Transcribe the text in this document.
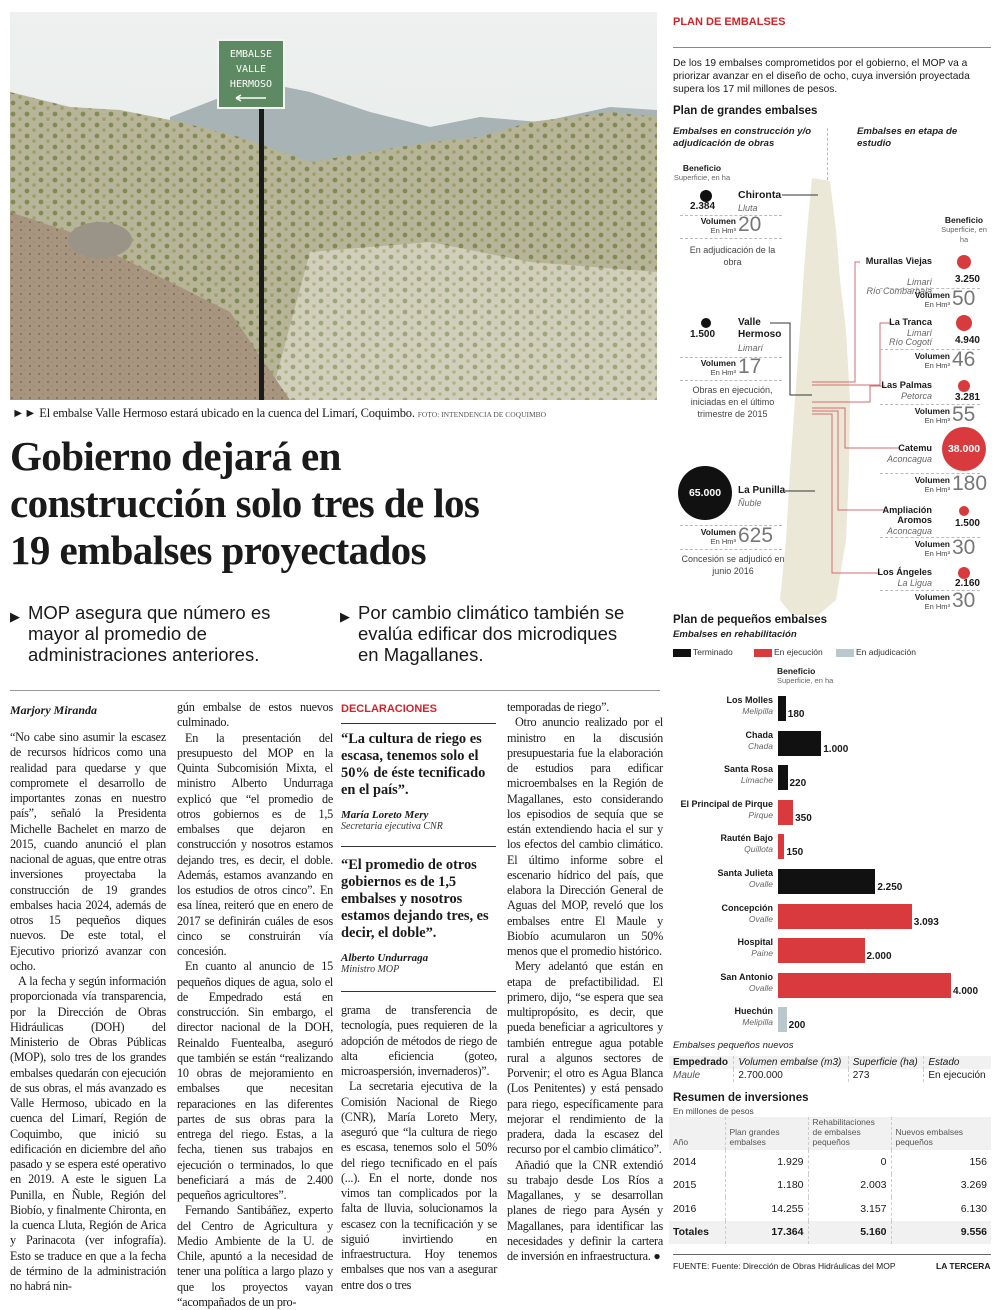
EMBALSE
VALLE
HERMOSO
►► El embalse Valle Hermoso estará ubicado en la cuenca del Limarí, Coquimbo. FOTO: INTENDENCIA DE COQUIMBO
Gobierno dejará en
construcción solo tres de los
19 embalses proyectados
▶ MOP asegura que número es mayor al promedio de administraciones anteriores.
▶ Por cambio climático también se evalúa edificar dos microdiques en Magallanes.
Marjory Miranda

“No cabe sino asumir la escasez de recursos hídricos como una realidad para quedarse y que compromete el desarrollo de importantes zonas en nuestro país”, señaló la Presidenta Michelle Bachelet en marzo de 2015, cuando anunció el plan nacional de aguas, que entre otras inversiones proyectaba la construcción de 19 grandes embalses hacia 2024, además de otros 15 pequeños diques nuevos. De este total, el Ejecutivo priorizó avanzar con ocho.

A la fecha y según información proporcionada vía transparencia, por la Dirección de Obras Hidráulicas (DOH) del Ministerio de Obras Públicas (MOP), solo tres de los grandes embalses quedarán con ejecución de sus obras, el más avanzado es Valle Hermoso, ubicado en la cuenca del Limarí, Región de Coquimbo, que inició su edificación en diciembre del año pasado y se espera esté operativo en 2019. A este le siguen La Punilla, en Ñuble, Región del Biobío, y finalmente Chironta, en la cuenca Lluta, Región de Arica y Parinacota (ver infografía). Esto se traduce en que a la fecha de término de la administración no habrá nin-

gún embalse de estos nuevos culminado.

En la presentación del presupuesto del MOP en la Quinta Subcomisión Mixta, el ministro Alberto Undurraga explicó que “el promedio de otros gobiernos es de 1,5 embalses que dejaron en construcción y nosotros estamos dejando tres, es decir, el doble. Además, estamos avanzando en los estudios de otros cinco”. En esa línea, reiteró que en enero de 2017 se definirán cuáles de esos cinco se construirán vía concesión.

En cuanto al anuncio de 15 pequeños diques de agua, solo el de Empedrado está en construcción. Sin embargo, el director nacional de la DOH, Reinaldo Fuentealba, aseguró que también se están “realizando 10 obras de mejoramiento en embalses que necesitan reparaciones en las diferentes partes de sus obras para la entrega del riego. Estas, a la fecha, tienen sus trabajos en ejecución o terminados, lo que beneficiará a más de 2.400 pequeños agricultores”.

Fernando Santibáñez, experto del Centro de Agricultura y Medio Ambiente de la U. de Chile, apuntó a la necesidad de tener una política a largo plazo y que los proyectos vayan “acompañados de un pro-

grama de transferencia de tecnología, pues requieren de la adopción de métodos de riego de alta eficiencia (goteo, microaspersión, invernaderos)”.

La secretaria ejecutiva de la Comisión Nacional de Riego (CNR), María Loreto Mery, aseguró que “la cultura de riego es escasa, tenemos solo el 50% del riego tecnificado en el país (...). En el norte, donde nos vimos tan complicados por la falta de lluvia, solucionamos la escasez con la tecnificación y se siguió invirtiendo en infraestructura. Hoy tenemos embalses que nos van a asegurar entre dos o tres

temporadas de riego”.

Otro anuncio realizado por el ministro en la discusión presupuestaria fue la elaboración de estudios para edificar microembalses en la Región de Magallanes, esto considerando los episodios de sequía que se están extendiendo hacia el sur y los efectos del cambio climático. El último informe sobre el escenario hídrico del país, que elabora la Dirección General de Aguas del MOP, reveló que los embalses entre El Maule y Biobío acumularon un 50% menos que el promedio histórico.

Mery adelantó que están en etapa de prefactibilidad. El primero, dijo, “se espera que sea multipropósito, es decir, que pueda beneficiar a agricultores y también entregue agua potable rural a algunos sectores de Porvenir; el otro es Agua Blanca (Los Penitentes) y está pensado para riego, específicamente para mejorar el rendimiento de la pradera, dada la escasez del recurso por el cambio climático”.

Añadió que la CNR extendió su trabajo desde Los Ríos a Magallanes, y se desarrollan planes de riego para Aysén y Magallanes, para identificar las necesidades y definir la cartera de inversión en infraestructura. ●

DECLARACIONES
“La cultura de riego es escasa, tenemos solo el 50% de éste tecnificado en el país”.
María Loreto Mery
Secretaria ejecutiva CNR
“El promedio de otros gobiernos es de 1,5 embalses y nosotros estamos dejando tres, es decir, el doble”.
Alberto Undurraga
Ministro MOP
PLAN DE EMBALSES
De los 19 embalses comprometidos por el gobierno, el MOP va a priorizar avanzar en el diseño de ocho, cuya inversión proyectada supera los 17 mil millones de pesos.
Plan de grandes embalses
Embalses en construcción y/o adjudicación de obras
Embalses en etapa de estudio
Beneficio
Superficie, en ha
2.384
Chironta
Lluta
Volumen
En Hm³ 20
En adjudicación de la obra
1.500
Valle Hermoso
Limarí
Volumen
En Hm³ 17
Obras en ejecución, iniciadas en el último trimestre de 2015
65.000 La Punilla
Ñuble
Volumen
En Hm³ 625
Concesión se adjudicó en junio 2016
Beneficio
Superficie, en ha
Murallas Viejas
Limarí
Río Combarbalá
3.250
Volumen
En Hm³ 50
La Tranca
Limarí
Río Cogotí	4.940
Volumen
En Hm³ 46
Las Palmas
Petorca	3.281
Volumen
En Hm³ 55
38.000
Catemu
Aconcagua
Volumen
En Hm³ 180
Ampliación Aromos
Aconcagua
1.500
Volumen
En Hm³ 30
Los Ángeles
La Ligua	2.160
Volumen
En Hm³ 30
Plan de pequeños embalses
Embalses en rehabilitación
Terminado	En ejecución	En adjudicación
Beneficio
Superficie, en ha
Los Molles
Melipilla 180
Chada
Chada	1.000
Santa Rosa
Limache 220
El Principal de Pirque
Pirque 350
Rautén Bajo
Quillota 150
Santa Julieta
Ovalle	2.250
Concepción
Ovalle	3.093
Hospital
Paine	2.000
San Antonio
Ovalle	4.000
Huechún
Melipilla 200
Embalses pequeños nuevos
Empedrado	Volumen embalse (m3)	Superficie (ha)	Estado
Maule	2.700.000	273	En ejecución
Resumen de inversiones
En millones de pesos
Año	Plan grandes embalses	Rehabilitaciones de embalses pequeños	Nuevos embalses pequeños
2014	1.929	0	156
2015	1.180	2.003	3.269
2016	14.255	3.157	6.130
Totales	17.364	5.160	9.556
FUENTE: Fuente: Dirección de Obras Hidráulicas del MOP	LA TERCERA
